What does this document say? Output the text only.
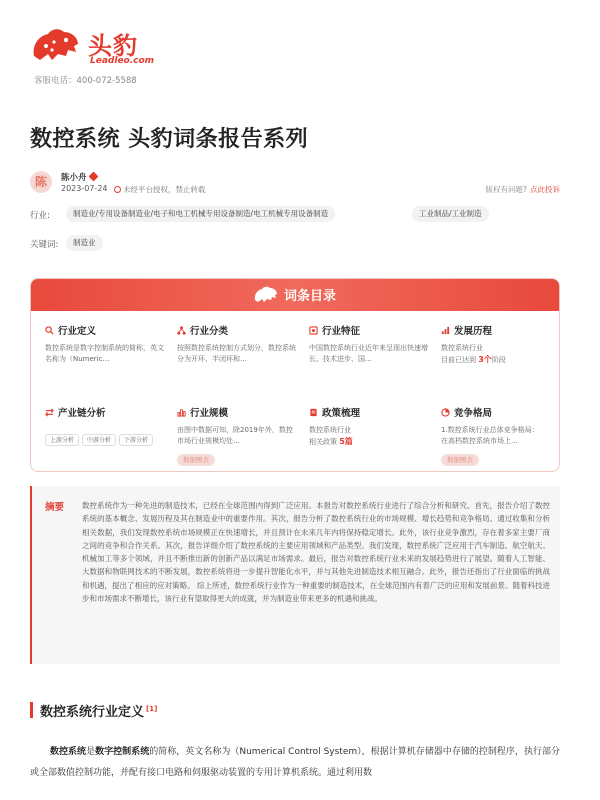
头豹
Leadleo.com
客服电话：400-072-5588
数控系统 头豹词条报告系列
陈	陈小舟
2023-07-24	未经平台授权，禁止转载	版权有问题? 点此投诉
行业:	制造业/专用设备制造业/电子和电工机械专用设备制造/电工机械专用设备制造	工业制品/工业制造
关键词:	制造业
词条目录
行业定义
数控系统是数字控制系统的简称，英文名称为（Numeric…
行业分类
按照数控系统控制方式划分，数控系统分为开环、半闭环和…
行业特征
中国数控系统行业近年来呈现出快速增长、技术进步、国…
发展历程
数控系统行业
目前已达到 3个阶段
产业链分析
上游分析 中游分析 下游分析
行业规模
由图中数据可知，除2019年外，数控市场行业规模均处…
数据图表
政策梳理
数控系统行业
相关政策 5篇
竞争格局
1.数控系统行业总体竞争格局：
在高档数控系统市场上…
数据图表
摘要 数控系统作为一种先进的制造技术，已经在全球范围内得到广泛应用。本报告对数控系统行业进行了综合分析和研究。首先，报告介绍了数控系统的基本概念、发展历程及其在制造业中的重要作用。其次，报告分析了数控系统行业的市场规模、增长趋势和竞争格局。通过收集和分析相关数据，我们发现数控系统市场规模正在快速增长，并且预计在未来几年内将保持稳定增长。此外，该行业竞争激烈，存在着多家主要厂商之间的竞争和合作关系。其次，报告详细介绍了数控系统的主要应用领域和产品类型。我们发现，数控系统广泛应用于汽车制造、航空航天、机械加工等多个领域，并且不断推出新的创新产品以满足市场需求。最后，报告对数控系统行业未来的发展趋势进行了展望。随着人工智能、大数据和物联网技术的不断发展，数控系统将进一步提升智能化水平，并与其他先进制造技术相互融合。此外，报告还指出了行业面临的挑战和机遇，提出了相应的应对策略。 综上所述，数控系统行业作为一种重要的制造技术，在全球范围内有着广泛的应用和发展前景。随着科技进步和市场需求不断增长，该行业有望取得更大的成就，并为制造业带来更多的机遇和挑战。

数控系统行业定义 [1]

数控系统是数字控制系统的简称，英文名称为（Numerical Control System），根据计算机存储器中存储的控制程序，执行部分或全部数值控制功能，并配有接口电路和伺服驱动装置的专用计算机系统。通过利用数
